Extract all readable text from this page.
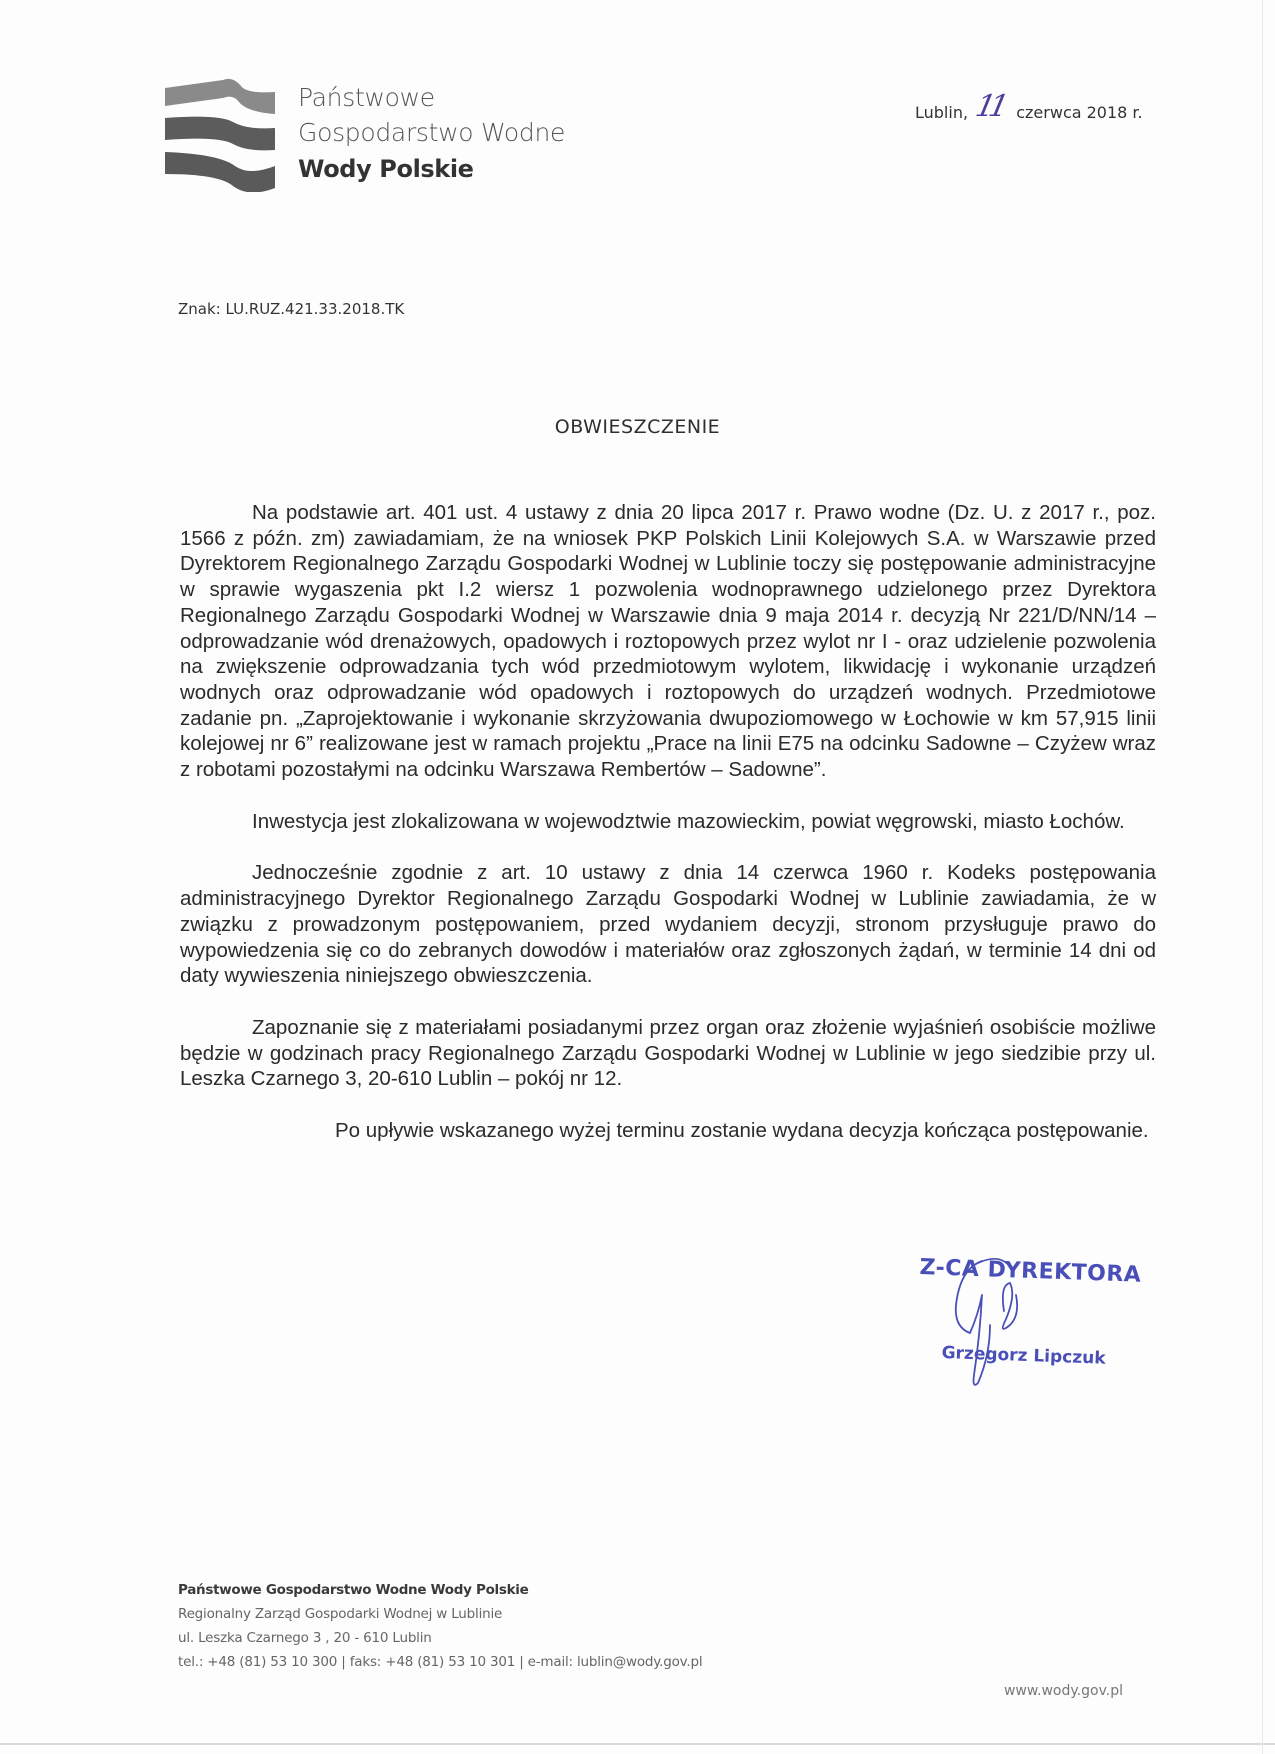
Państwowe
Gospodarstwo Wodne
Wody Polskie
Lublin, 11 czerwca 2018 r.
Znak: LU.RUZ.421.33.2018.TK
OBWIESZCZENIE

Na podstawie art. 401 ust. 4 ustawy z dnia 20 lipca 2017 r. Prawo wodne (Dz. U. z 2017 r., poz. 1566 z późn. zm) zawiadamiam, że na wniosek PKP Polskich Linii Kolejowych S.A. w Warszawie przed Dyrektorem Regionalnego Zarządu Gospodarki Wodnej w Lublinie toczy się postępowanie administracyjne w sprawie wygaszenia pkt I.2 wiersz 1 pozwolenia wodnoprawnego udzielonego przez Dyrektora Regionalnego Zarządu Gospodarki Wodnej w Warszawie dnia 9 maja 2014 r. decyzją Nr 221/D/NN/14 – odprowadzanie wód drenażowych, opadowych i roztopowych przez wylot nr I - oraz udzielenie pozwolenia na zwiększenie odprowadzania tych wód przedmiotowym wylotem, likwidację i wykonanie urządzeń wodnych oraz odprowadzanie wód opadowych i roztopowych do urządzeń wodnych. Przedmiotowe zadanie pn. „Zaprojektowanie i wykonanie skrzyżowania dwupoziomowego w Łochowie w km 57,915 linii kolejowej nr 6” realizowane jest w ramach projektu „Prace na linii E75 na odcinku Sadowne – Czyżew wraz z robotami pozostałymi na odcinku Warszawa Rembertów – Sadowne”.

Inwestycja jest zlokalizowana w wojewodztwie mazowieckim, powiat węgrowski, miasto Łochów.

Jednocześnie zgodnie z art. 10 ustawy z dnia 14 czerwca 1960 r. Kodeks postępowania administracyjnego Dyrektor Regionalnego Zarządu Gospodarki Wodnej w Lublinie zawiadamia, że w związku z prowadzonym postępowaniem, przed wydaniem decyzji, stronom przysługuje prawo do wypowiedzenia się co do zebranych dowodów i materiałów oraz zgłoszonych żądań, w terminie 14 dni od daty wywieszenia niniejszego obwieszczenia.

Zapoznanie się z materiałami posiadanymi przez organ oraz złożenie wyjaśnień osobiście możliwe będzie w godzinach pracy Regionalnego Zarządu Gospodarki Wodnej w Lublinie w jego siedzibie przy ul. Leszka Czarnego 3, 20-610 Lublin – pokój nr 12.

Po upływie wskazanego wyżej terminu zostanie wydana decyzja kończąca postępowanie.

Z-CA DYREKTORA
Grzegorz Lipczuk
Państwowe Gospodarstwo Wodne Wody Polskie
Regionalny Zarząd Gospodarki Wodnej w Lublinie
ul. Leszka Czarnego 3 , 20 - 610 Lublin
tel.: +48 (81) 53 10 300 | faks: +48 (81) 53 10 301 | e-mail: lublin@wody.gov.pl
www.wody.gov.pl
